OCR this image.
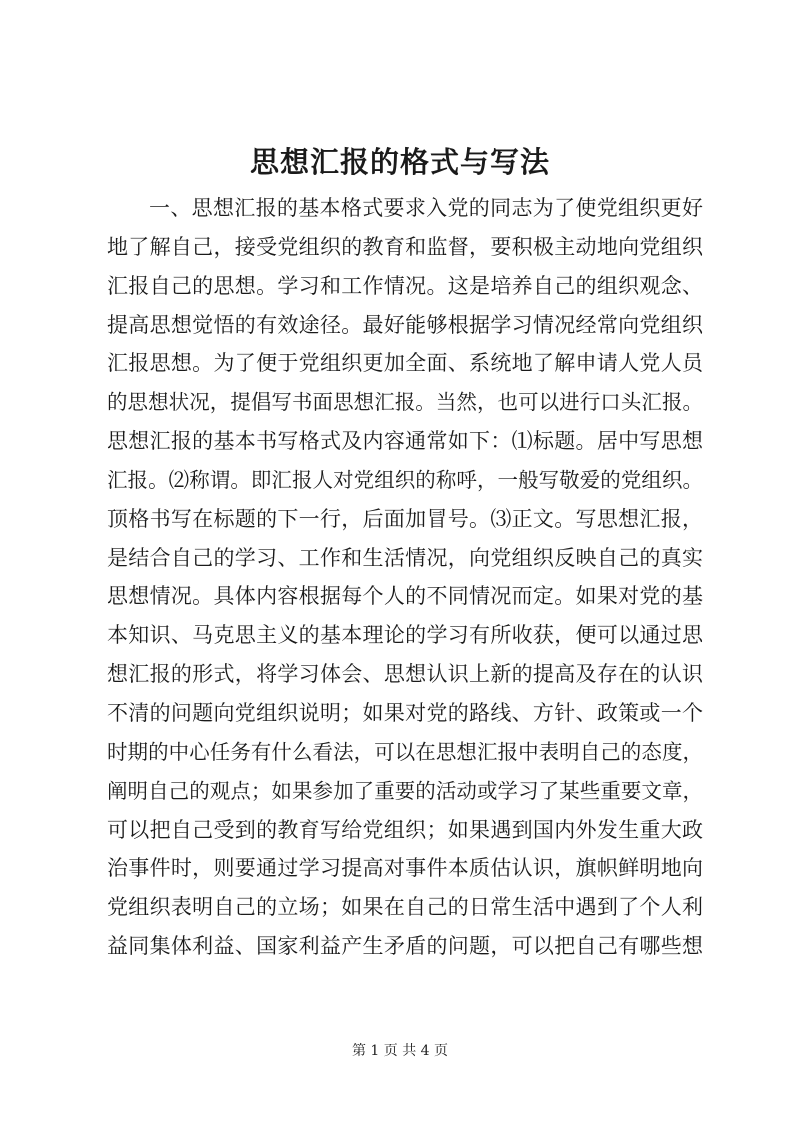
思想汇报的格式与写法
一、思想汇报的基本格式要求入党的同志为了使党组织更好
地了解自己，接受党组织的教育和监督，要积极主动地向党组织
汇报自己的思想。学习和工作情况。这是培养自己的组织观念、
提高思想觉悟的有效途径。最好能够根据学习情况经常向党组织
汇报思想。为了便于党组织更加全面、系统地了解申请人党人员
的思想状况，提倡写书面思想汇报。当然，也可以进行口头汇报。
思想汇报的基本书写格式及内容通常如下：⑴标题。居中写思想
汇报。⑵称谓。即汇报人对党组织的称呼，一般写敬爱的党组织。
顶格书写在标题的下一行，后面加冒号。⑶正文。写思想汇报，
是结合自己的学习、工作和生活情况，向党组织反映自己的真实
思想情况。具体内容根据每个人的不同情况而定。如果对党的基
本知识、马克思主义的基本理论的学习有所收获，便可以通过思
想汇报的形式，将学习体会、思想认识上新的提高及存在的认识
不清的问题向党组织说明；如果对党的路线、方针、政策或一个
时期的中心任务有什么看法，可以在思想汇报中表明自己的态度，
阐明自己的观点；如果参加了重要的活动或学习了某些重要文章，
可以把自己受到的教育写给党组织；如果遇到国内外发生重大政
治事件时，则要通过学习提高对事件本质估认识，旗帜鲜明地向
党组织表明自己的立场；如果在自己的日常生活中遇到了个人利
益同集体利益、国家利益产生矛盾的问题，可以把自己有哪些想
第 1 页 共 4 页
